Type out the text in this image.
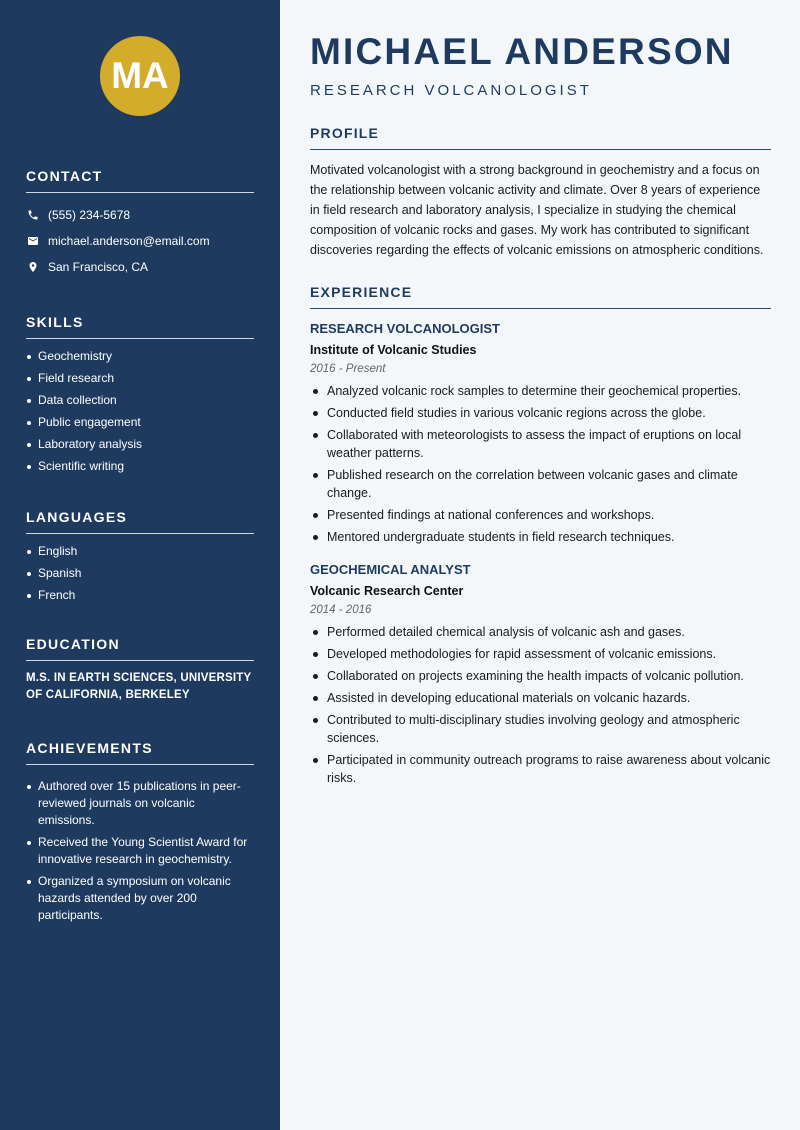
MA
CONTACT
(555) 234-5678
michael.anderson@email.com
San Francisco, CA
SKILLS
Geochemistry
Field research
Data collection
Public engagement
Laboratory analysis
Scientific writing
LANGUAGES
English
Spanish
French
EDUCATION
M.S. IN EARTH SCIENCES, UNIVERSITY OF CALIFORNIA, BERKELEY
ACHIEVEMENTS
Authored over 15 publications in peer-reviewed journals on volcanic emissions.
Received the Young Scientist Award for innovative research in geochemistry.
Organized a symposium on volcanic hazards attended by over 200 participants.
MICHAEL ANDERSON
RESEARCH VOLCANOLOGIST
PROFILE

Motivated volcanologist with a strong background in geochemistry and a focus on the relationship between volcanic activity and climate. Over 8 years of experience in field research and laboratory analysis, I specialize in studying the chemical composition of volcanic rocks and gases. My work has contributed to significant discoveries regarding the effects of volcanic emissions on atmospheric conditions.

EXPERIENCE
RESEARCH VOLCANOLOGIST
Institute of Volcanic Studies
2016 - Present
Analyzed volcanic rock samples to determine their geochemical properties.
Conducted field studies in various volcanic regions across the globe.
Collaborated with meteorologists to assess the impact of eruptions on local weather patterns.
Published research on the correlation between volcanic gases and climate change.
Presented findings at national conferences and workshops.
Mentored undergraduate students in field research techniques.
GEOCHEMICAL ANALYST
Volcanic Research Center
2014 - 2016
Performed detailed chemical analysis of volcanic ash and gases.
Developed methodologies for rapid assessment of volcanic emissions.
Collaborated on projects examining the health impacts of volcanic pollution.
Assisted in developing educational materials on volcanic hazards.
Contributed to multi-disciplinary studies involving geology and atmospheric sciences.
Participated in community outreach programs to raise awareness about volcanic risks.
